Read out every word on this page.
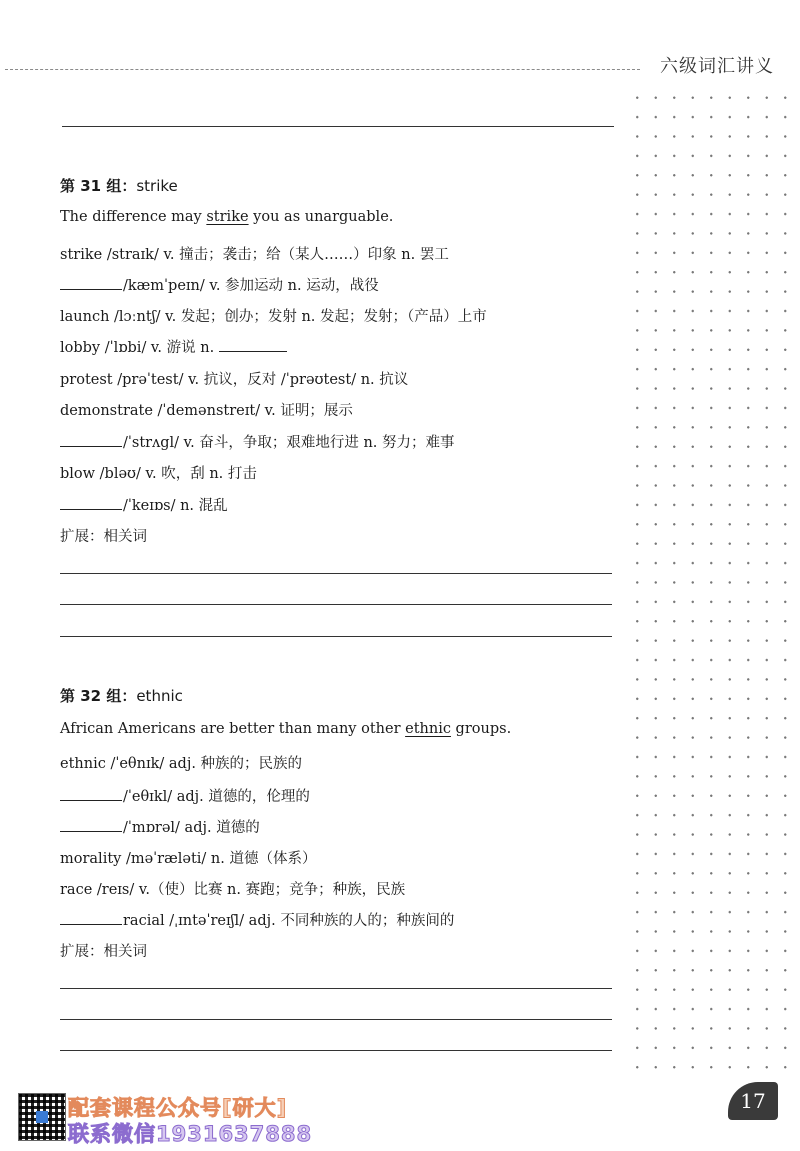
六级词汇讲义
第 31 组：strike
The difference may strike you as unarguable.
strike /straɪk/ v. 撞击；袭击；给（某人……）印象 n. 罢工
/kæmˈpeɪn/ v. 参加运动 n. 运动，战役
launch /lɔːntʃ/ v. 发起；创办；发射 n. 发起；发射；（产品）上市
lobby /ˈlɒbi/ v. 游说 n.
protest /prəˈtest/ v. 抗议，反对 /ˈprəʊtest/ n. 抗议
demonstrate /ˈdemənstreɪt/ v. 证明；展示
/ˈstrʌgl/ v. 奋斗，争取；艰难地行进 n. 努力；难事
blow /bləʊ/ v. 吹，刮 n. 打击
/ˈkeɪɒs/ n. 混乱
扩展：相关词
第 32 组：ethnic
African Americans are better than many other ethnic groups.
ethnic /ˈeθnɪk/ adj. 种族的；民族的
/ˈeθɪkl/ adj. 道德的，伦理的
/ˈmɒrəl/ adj. 道德的
morality /məˈræləti/ n. 道德（体系）
race /reɪs/ v.（使）比赛 n. 赛跑；竞争；种族，民族
racial /ˌɪntəˈreɪʃl/ adj. 不同种族的人的；种族间的
扩展：相关词
配套课程公众号[研大]
联系微信1931637888
17
